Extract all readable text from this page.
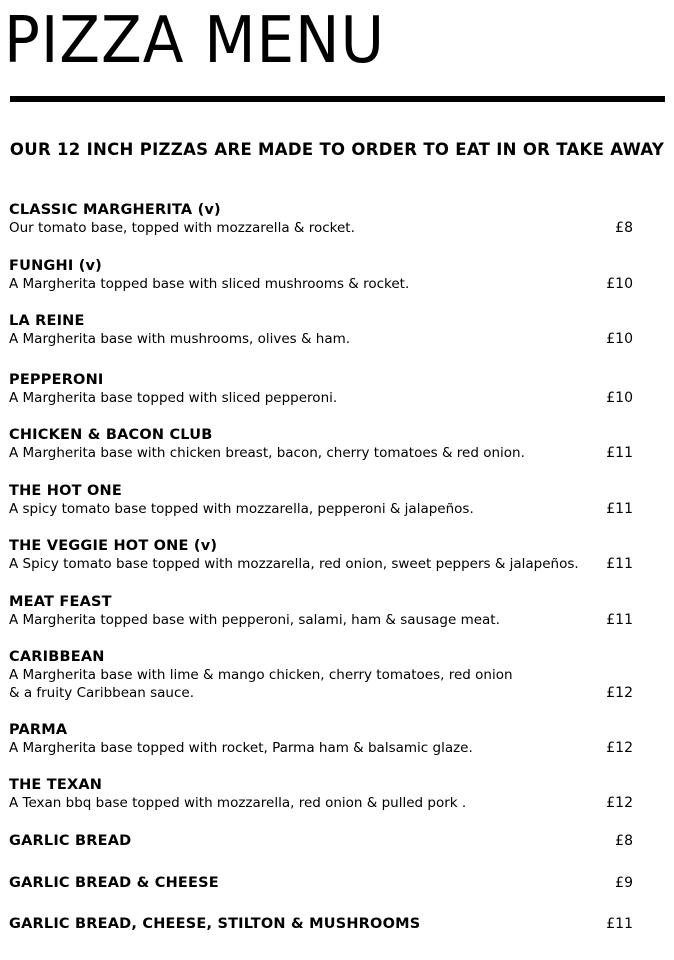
PIZZA MENU
OUR 12 INCH PIZZAS ARE MADE TO ORDER TO EAT IN OR TAKE AWAY
CLASSIC MARGHERITA (v)
Our tomato base, topped with mozzarella & rocket.	£8
FUNGHI (v)
A Margherita topped base with sliced mushrooms & rocket.	£10
LA REINE
A Margherita base with mushrooms, olives & ham.	£10
PEPPERONI
A Margherita base topped with sliced pepperoni.	£10
CHICKEN & BACON CLUB
A Margherita base with chicken breast, bacon, cherry tomatoes & red onion.	£11
THE HOT ONE
A spicy tomato base topped with mozzarella, pepperoni & jalapeños.	£11
THE VEGGIE HOT ONE (v)
A Spicy tomato base topped with mozzarella, red onion, sweet peppers & jalapeños.	£11
MEAT FEAST
A Margherita topped base with pepperoni, salami, ham & sausage meat.	£11
CARIBBEAN
A Margherita base with lime & mango chicken, cherry tomatoes, red onion
& a fruity Caribbean sauce.	£12
PARMA
A Margherita base topped with rocket, Parma ham & balsamic glaze.	£12
THE TEXAN
A Texan bbq base topped with mozzarella, red onion & pulled pork .	£12
GARLIC BREAD	£8
GARLIC BREAD & CHEESE	£9
GARLIC BREAD, CHEESE, STILTON & MUSHROOMS	£11
